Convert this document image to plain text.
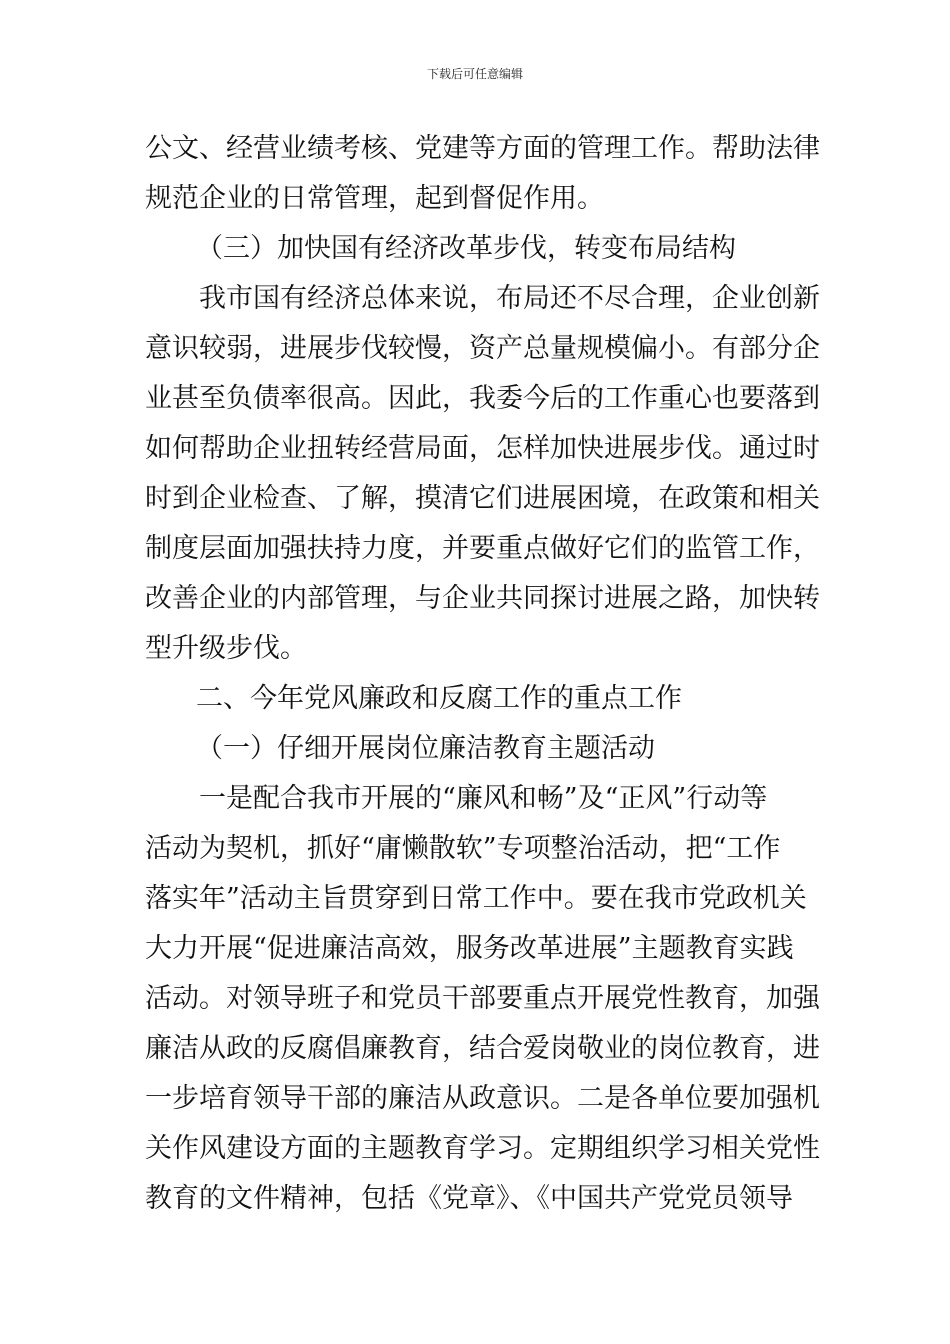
下载后可任意编辑
公文、经营业绩考核、党建等方面的管理工作。帮助法律
规范企业的日常管理，起到督促作用。
（三）加快国有经济改革步伐，转变布局结构
我市国有经济总体来说，布局还不尽合理，企业创新
意识较弱，进展步伐较慢，资产总量规模偏小。有部分企
业甚至负债率很高。因此，我委今后的工作重心也要落到
如何帮助企业扭转经营局面，怎样加快进展步伐。通过时
时到企业检查、了解，摸清它们进展困境，在政策和相关
制度层面加强扶持力度，并要重点做好它们的监管工作，
改善企业的内部管理，与企业共同探讨进展之路，加快转
型升级步伐。
二、今年党风廉政和反腐工作的重点工作
（一）仔细开展岗位廉洁教育主题活动
一是配合我市开展的“廉风和畅”及“正风”行动等
活动为契机，抓好“庸懒散软”专项整治活动，把“工作
落实年”活动主旨贯穿到日常工作中。要在我市党政机关
大力开展“促进廉洁高效，服务改革进展”主题教育实践
活动。对领导班子和党员干部要重点开展党性教育，加强
廉洁从政的反腐倡廉教育，结合爱岗敬业的岗位教育，进
一步培育领导干部的廉洁从政意识。二是各单位要加强机
关作风建设方面的主题教育学习。定期组织学习相关党性
教育的文件精神，包括《党章》、《中国共产党党员领导
